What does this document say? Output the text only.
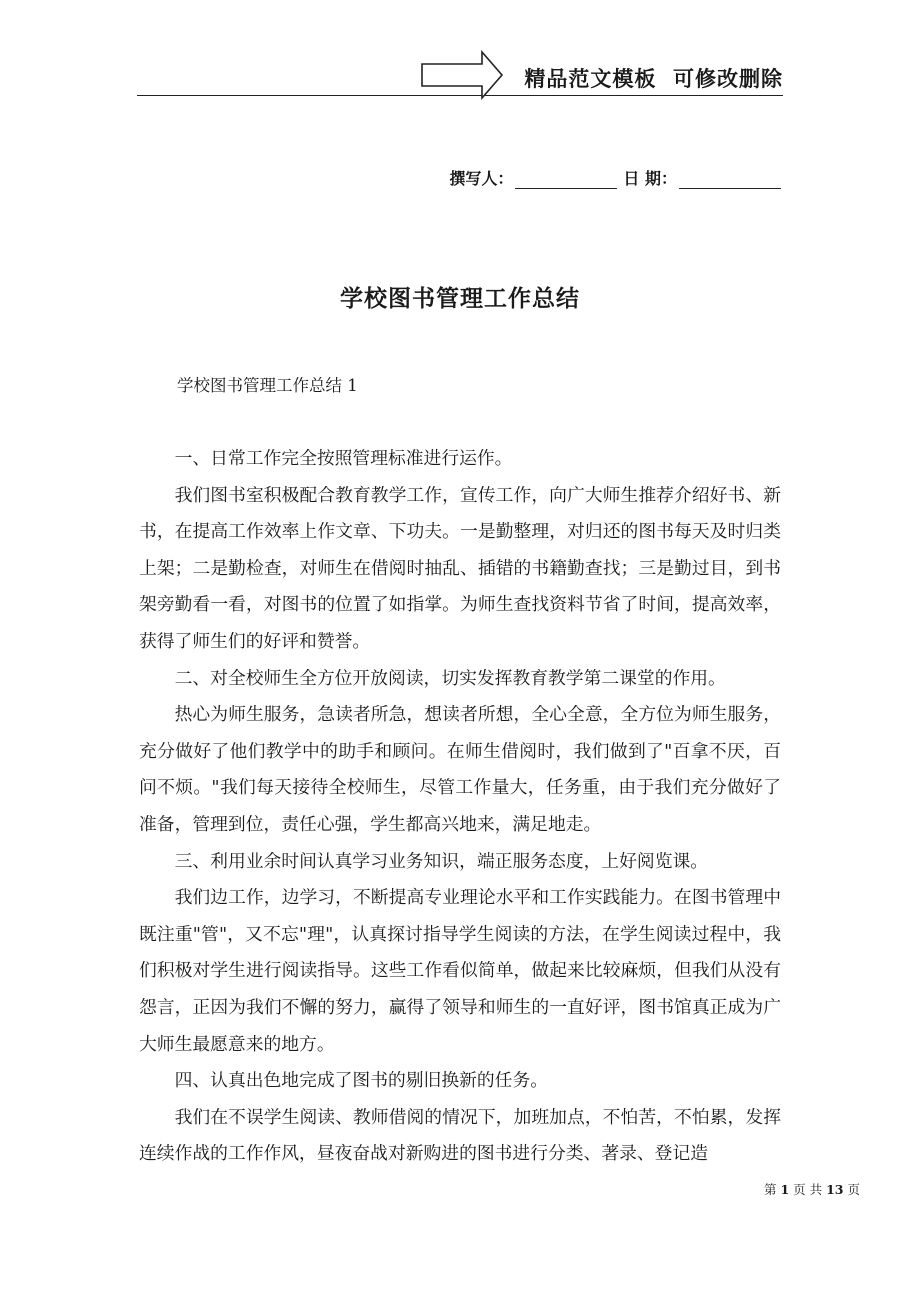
精品范文模板  可修改删除
撰写人：	日 期：
学校图书管理工作总结
学校图书管理工作总结 1

一、日常工作完全按照管理标准进行运作。

我们图书室积极配合教育教学工作，宣传工作，向广大师生推荐介绍好书、新书，在提高工作效率上作文章、下功夫。一是勤整理，对归还的图书每天及时归类上架；二是勤检查，对师生在借阅时抽乱、插错的书籍勤查找；三是勤过目，到书架旁勤看一看，对图书的位置了如指掌。为师生查找资料节省了时间，提高效率，获得了师生们的好评和赞誉。

二、对全校师生全方位开放阅读，切实发挥教育教学第二课堂的作用。

热心为师生服务，急读者所急，想读者所想，全心全意，全方位为师生服务，充分做好了他们教学中的助手和顾问。在师生借阅时，我们做到了"百拿不厌，百问不烦。"我们每天接待全校师生，尽管工作量大，任务重，由于我们充分做好了准备，管理到位，责任心强，学生都高兴地来，满足地走。

三、利用业余时间认真学习业务知识，端正服务态度，上好阅览课。

我们边工作，边学习，不断提高专业理论水平和工作实践能力。在图书管理中既注重"管"，又不忘"理"，认真探讨指导学生阅读的方法，在学生阅读过程中，我们积极对学生进行阅读指导。这些工作看似简单，做起来比较麻烦，但我们从没有怨言，正因为我们不懈的努力，赢得了领导和师生的一直好评，图书馆真正成为广大师生最愿意来的地方。

四、认真出色地完成了图书的剔旧换新的任务。

我们在不误学生阅读、教师借阅的情况下，加班加点，不怕苦，不怕累，发挥连续作战的工作作风，昼夜奋战对新购进的图书进行分类、著录、登记造

第 1 页 共 13 页
